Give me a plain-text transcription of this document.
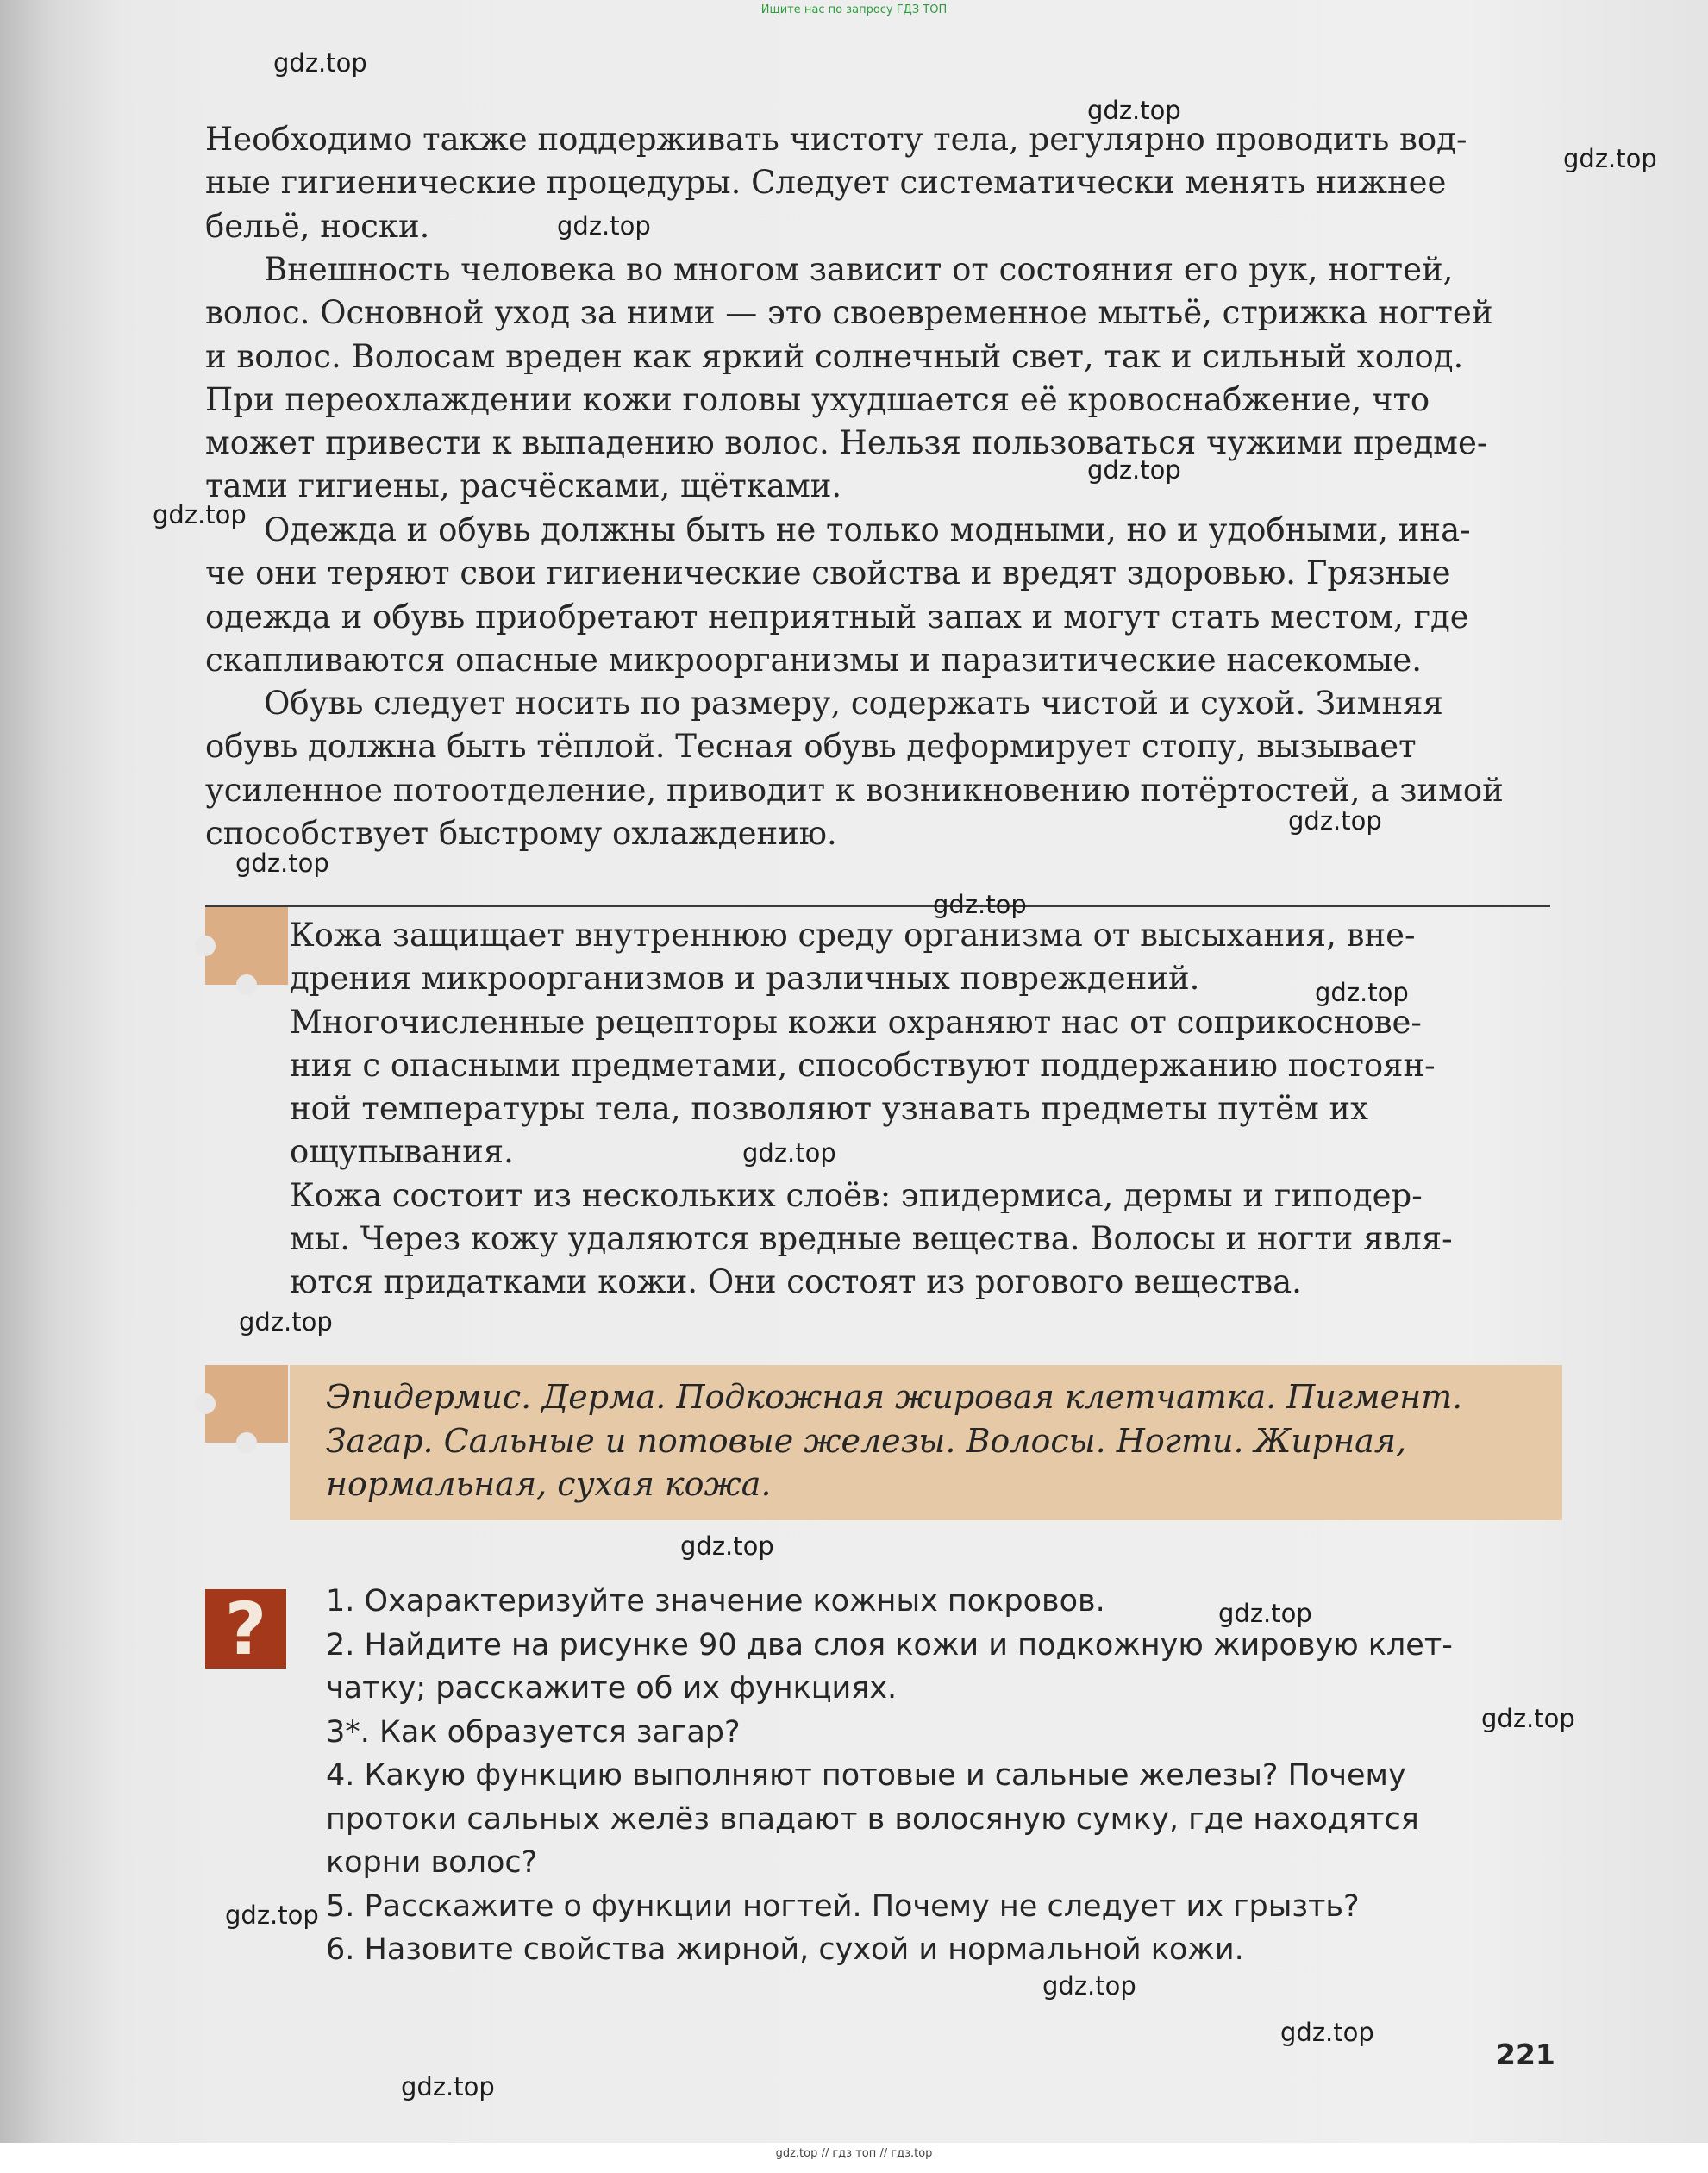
Ищите нас по запросу ГДЗ ТОП
Необходимо также поддерживать чистоту тела, регулярно проводить вод-
ные гигиенические процедуры. Следует систематически менять нижнее
бельё, носки.
Внешность человека во многом зависит от состояния его рук, ногтей,
волос. Основной уход за ними — это своевременное мытьё, стрижка ногтей
и волос. Волосам вреден как яркий солнечный свет, так и сильный холод.
При переохлаждении кожи головы ухудшается её кровоснабжение, что
может привести к выпадению волос. Нельзя пользоваться чужими предме-
тами гигиены, расчёсками, щётками.
Одежда и обувь должны быть не только модными, но и удобными, ина-
че они теряют свои гигиенические свойства и вредят здоровью. Грязные
одежда и обувь приобретают неприятный запах и могут стать местом, где
скапливаются опасные микроорганизмы и паразитические насекомые.
Обувь следует носить по размеру, содержать чистой и сухой. Зимняя
обувь должна быть тёплой. Тесная обувь деформирует стопу, вызывает
усиленное потоотделение, приводит к возникновению потёртостей, а зимой
способствует быстрому охлаждению.
Кожа защищает внутреннюю среду организма от высыхания, вне-
дрения микроорганизмов и различных повреждений.
Многочисленные рецепторы кожи охраняют нас от соприкоснове-
ния с опасными предметами, способствуют поддержанию постоян-
ной температуры тела, позволяют узнавать предметы путём их
ощупывания.
Кожа состоит из нескольких слоёв: эпидермиса, дермы и гиподер-
мы. Через кожу удаляются вредные вещества. Волосы и ногти явля-
ются придатками кожи. Они состоят из рогового вещества.
Эпидермис. Дерма. Подкожная жировая клетчатка. Пигмент.
Загар. Сальные и потовые железы. Волосы. Ногти. Жирная,
нормальная, сухая кожа.
?	1. Охарактеризуйте значение кожных покровов.
2. Найдите на рисунке 90 два слоя кожи и подкожную жировую клет-
чатку; расскажите об их функциях.
3*. Как образуется загар?
4. Какую функцию выполняют потовые и сальные железы? Почему
протоки сальных желёз впадают в волосяную сумку, где находятся
корни волос?
5. Расскажите о функции ногтей. Почему не следует их грызть?
6. Назовите свойства жирной, сухой и нормальной кожи.
221
gdz.top
gdz.top
gdz.top
gdz.top
gdz.top
gdz.top
gdz.top
gdz.top
gdz.top
gdz.top
gdz.top
gdz.top
gdz.top
gdz.top
gdz.top
gdz.top
gdz.top
gdz.top
gdz.top
gdz.top // гдз топ // гдз.top
